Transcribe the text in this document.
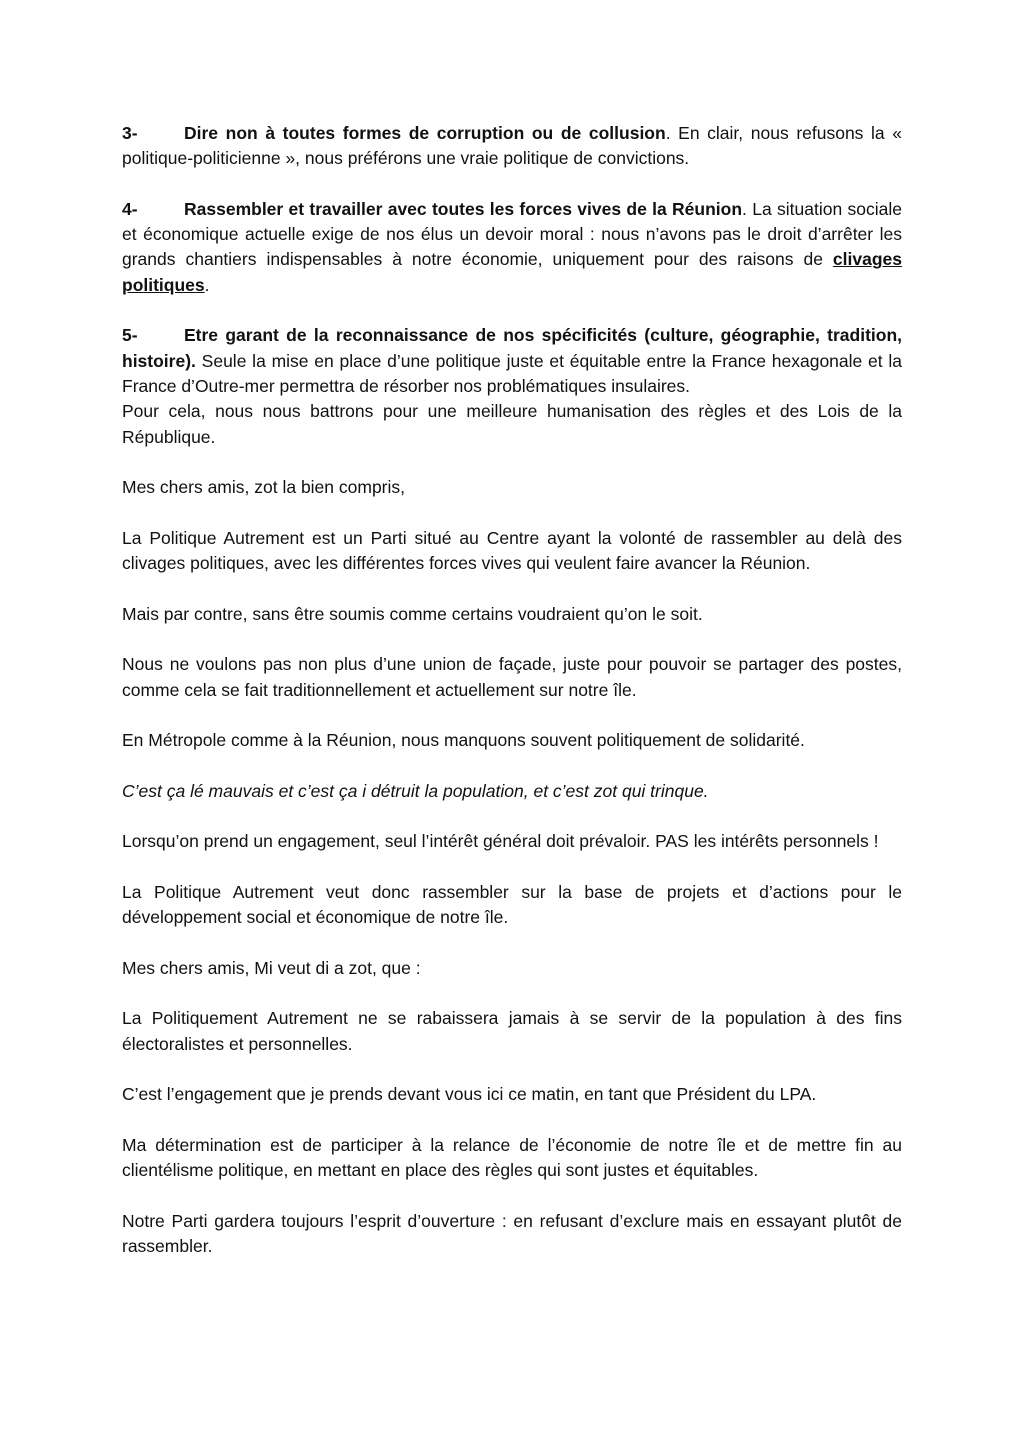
3-	Dire non à toutes formes de corruption ou de collusion. En clair, nous refusons la « politique-politicienne », nous préférons une vraie politique de convictions.

4-	Rassembler et travailler avec toutes les forces vives de la Réunion. La situation sociale et économique actuelle exige de nos élus un devoir moral : nous n’avons pas le droit d’arrêter les grands chantiers indispensables à notre économie, uniquement pour des raisons de clivages politiques.

5-	Etre garant de la reconnaissance de nos spécificités (culture, géographie, tradition, histoire). Seule la mise en place d’une politique juste et équitable entre la France hexagonale et la France d’Outre-mer permettra de résorber nos problématiques insulaires.
Pour cela, nous nous battrons pour une meilleure humanisation des règles et des Lois de la République.

Mes chers amis, zot la bien compris,

La Politique Autrement est un Parti situé au Centre ayant la volonté de rassembler au delà des clivages politiques, avec les différentes forces vives qui veulent faire avancer la Réunion.

Mais par contre, sans être soumis comme certains voudraient qu’on le soit.

Nous ne voulons pas non plus d’une union de façade, juste pour pouvoir se partager des postes, comme cela se fait traditionnellement et actuellement sur notre île.

En Métropole comme à la Réunion, nous manquons souvent politiquement de solidarité.

C’est ça lé mauvais et c’est ça i détruit la population, et c’est zot qui trinque.

Lorsqu’on prend un engagement, seul l’intérêt général doit prévaloir. PAS les intérêts personnels !

La Politique Autrement veut donc rassembler sur la base de projets et d’actions pour le développement social et économique de notre île.

Mes chers amis, Mi veut di a zot, que :

La Politiquement Autrement ne se rabaissera jamais à se servir de la population à des fins électoralistes et personnelles.

C’est l’engagement que je prends devant vous ici ce matin, en tant que Président du LPA.

Ma détermination est de participer à la relance de l’économie de notre île et de mettre fin au clientélisme politique, en mettant en place des règles qui sont justes et équitables.

Notre Parti gardera toujours l’esprit d’ouverture : en refusant d’exclure mais en essayant plutôt de rassembler.
